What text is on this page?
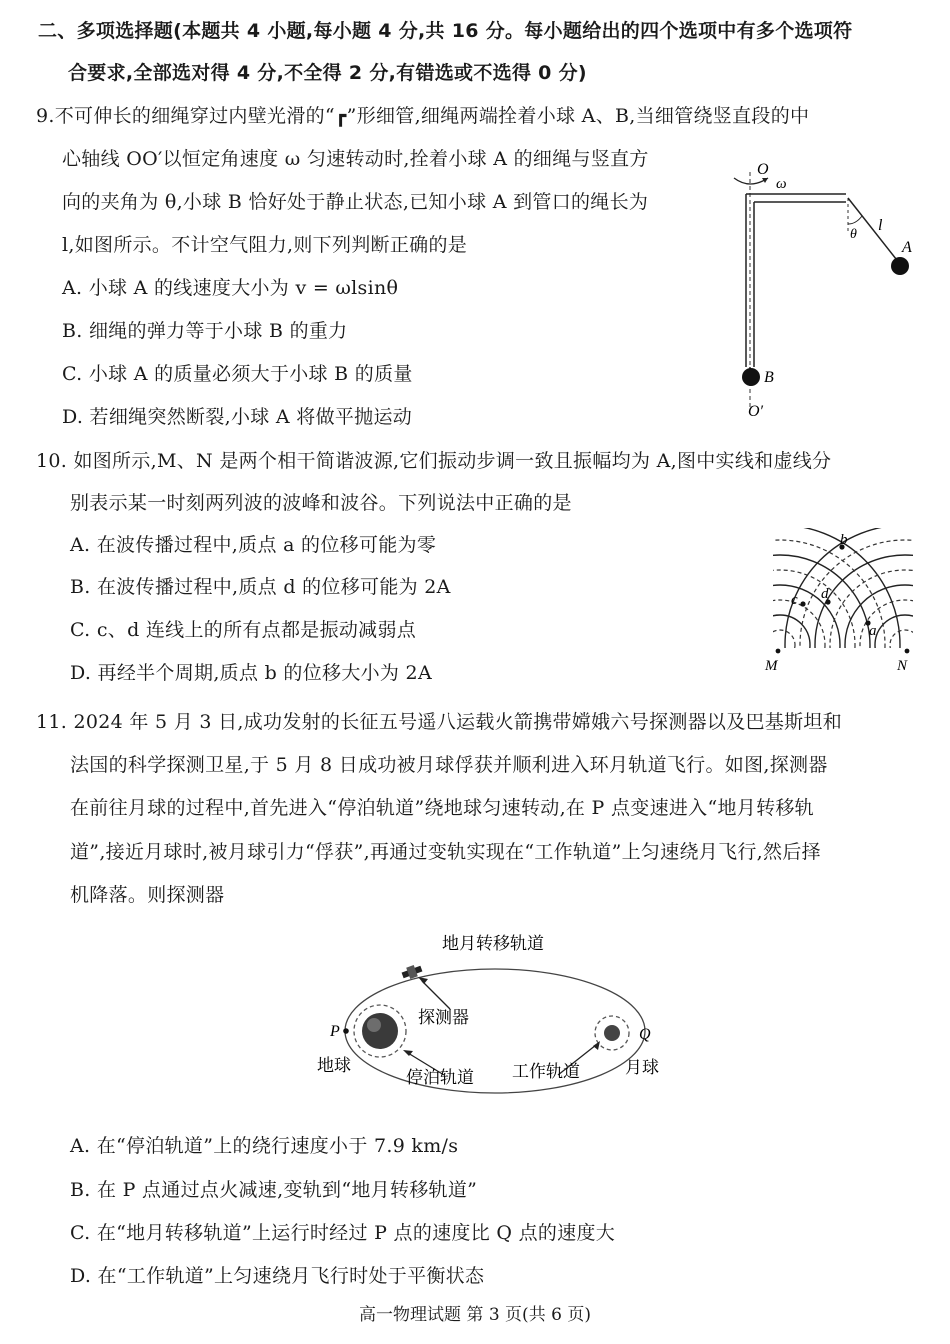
二、多项选择题(本题共 4 小题,每小题 4 分,共 16 分。每小题给出的四个选项中有多个选项符
合要求,全部选对得 4 分,不全得 2 分,有错选或不选得 0 分)
9.不可伸长的细绳穿过内壁光滑的“┏”形细管,细绳两端拴着小球 A、B,当细管绕竖直段的中
心轴线 OO′以恒定角速度 ω 匀速转动时,拴着小球 A 的细绳与竖直方
向的夹角为 θ,小球 B 恰好处于静止状态,已知小球 A 到管口的绳长为
l,如图所示。不计空气阻力,则下列判断正确的是
A. 小球 A 的线速度大小为 v = ωlsinθ
B. 细绳的弹力等于小球 B 的重力
C. 小球 A 的质量必须大于小球 B 的质量
D. 若细绳突然断裂,小球 A 将做平抛运动
O
ω
θ
l
A
B
O′
10. 如图所示,M、N 是两个相干简谐波源,它们振动步调一致且振幅均为 A,图中实线和虚线分
别表示某一时刻两列波的波峰和波谷。下列说法中正确的是
A. 在波传播过程中,质点 a 的位移可能为零
B. 在波传播过程中,质点 d 的位移可能为 2A
C. c、d 连线上的所有点都是振动减弱点
D. 再经半个周期,质点 b 的位移大小为 2A
b
c d
a
M	N
11. 2024 年 5 月 3 日,成功发射的长征五号遥八运载火箭携带嫦娥六号探测器以及巴基斯坦和
法国的科学探测卫星,于 5 月 8 日成功被月球俘获并顺利进入环月轨道飞行。如图,探测器
在前往月球的过程中,首先进入“停泊轨道”绕地球匀速转动,在 P 点变速进入“地月转移轨
道”,接近月球时,被月球引力“俘获”,再通过变轨实现在“工作轨道”上匀速绕月飞行,然后择
机降落。则探测器
P	Q
地月转移轨道
探测器
地球
停泊轨道 工作轨道	月球
A. 在“停泊轨道”上的绕行速度小于 7.9 km/s
B. 在 P 点通过点火减速,变轨到“地月转移轨道”
C. 在“地月转移轨道”上运行时经过 P 点的速度比 Q 点的速度大
D. 在“工作轨道”上匀速绕月飞行时处于平衡状态
高一物理试题 第 3 页(共 6 页)
